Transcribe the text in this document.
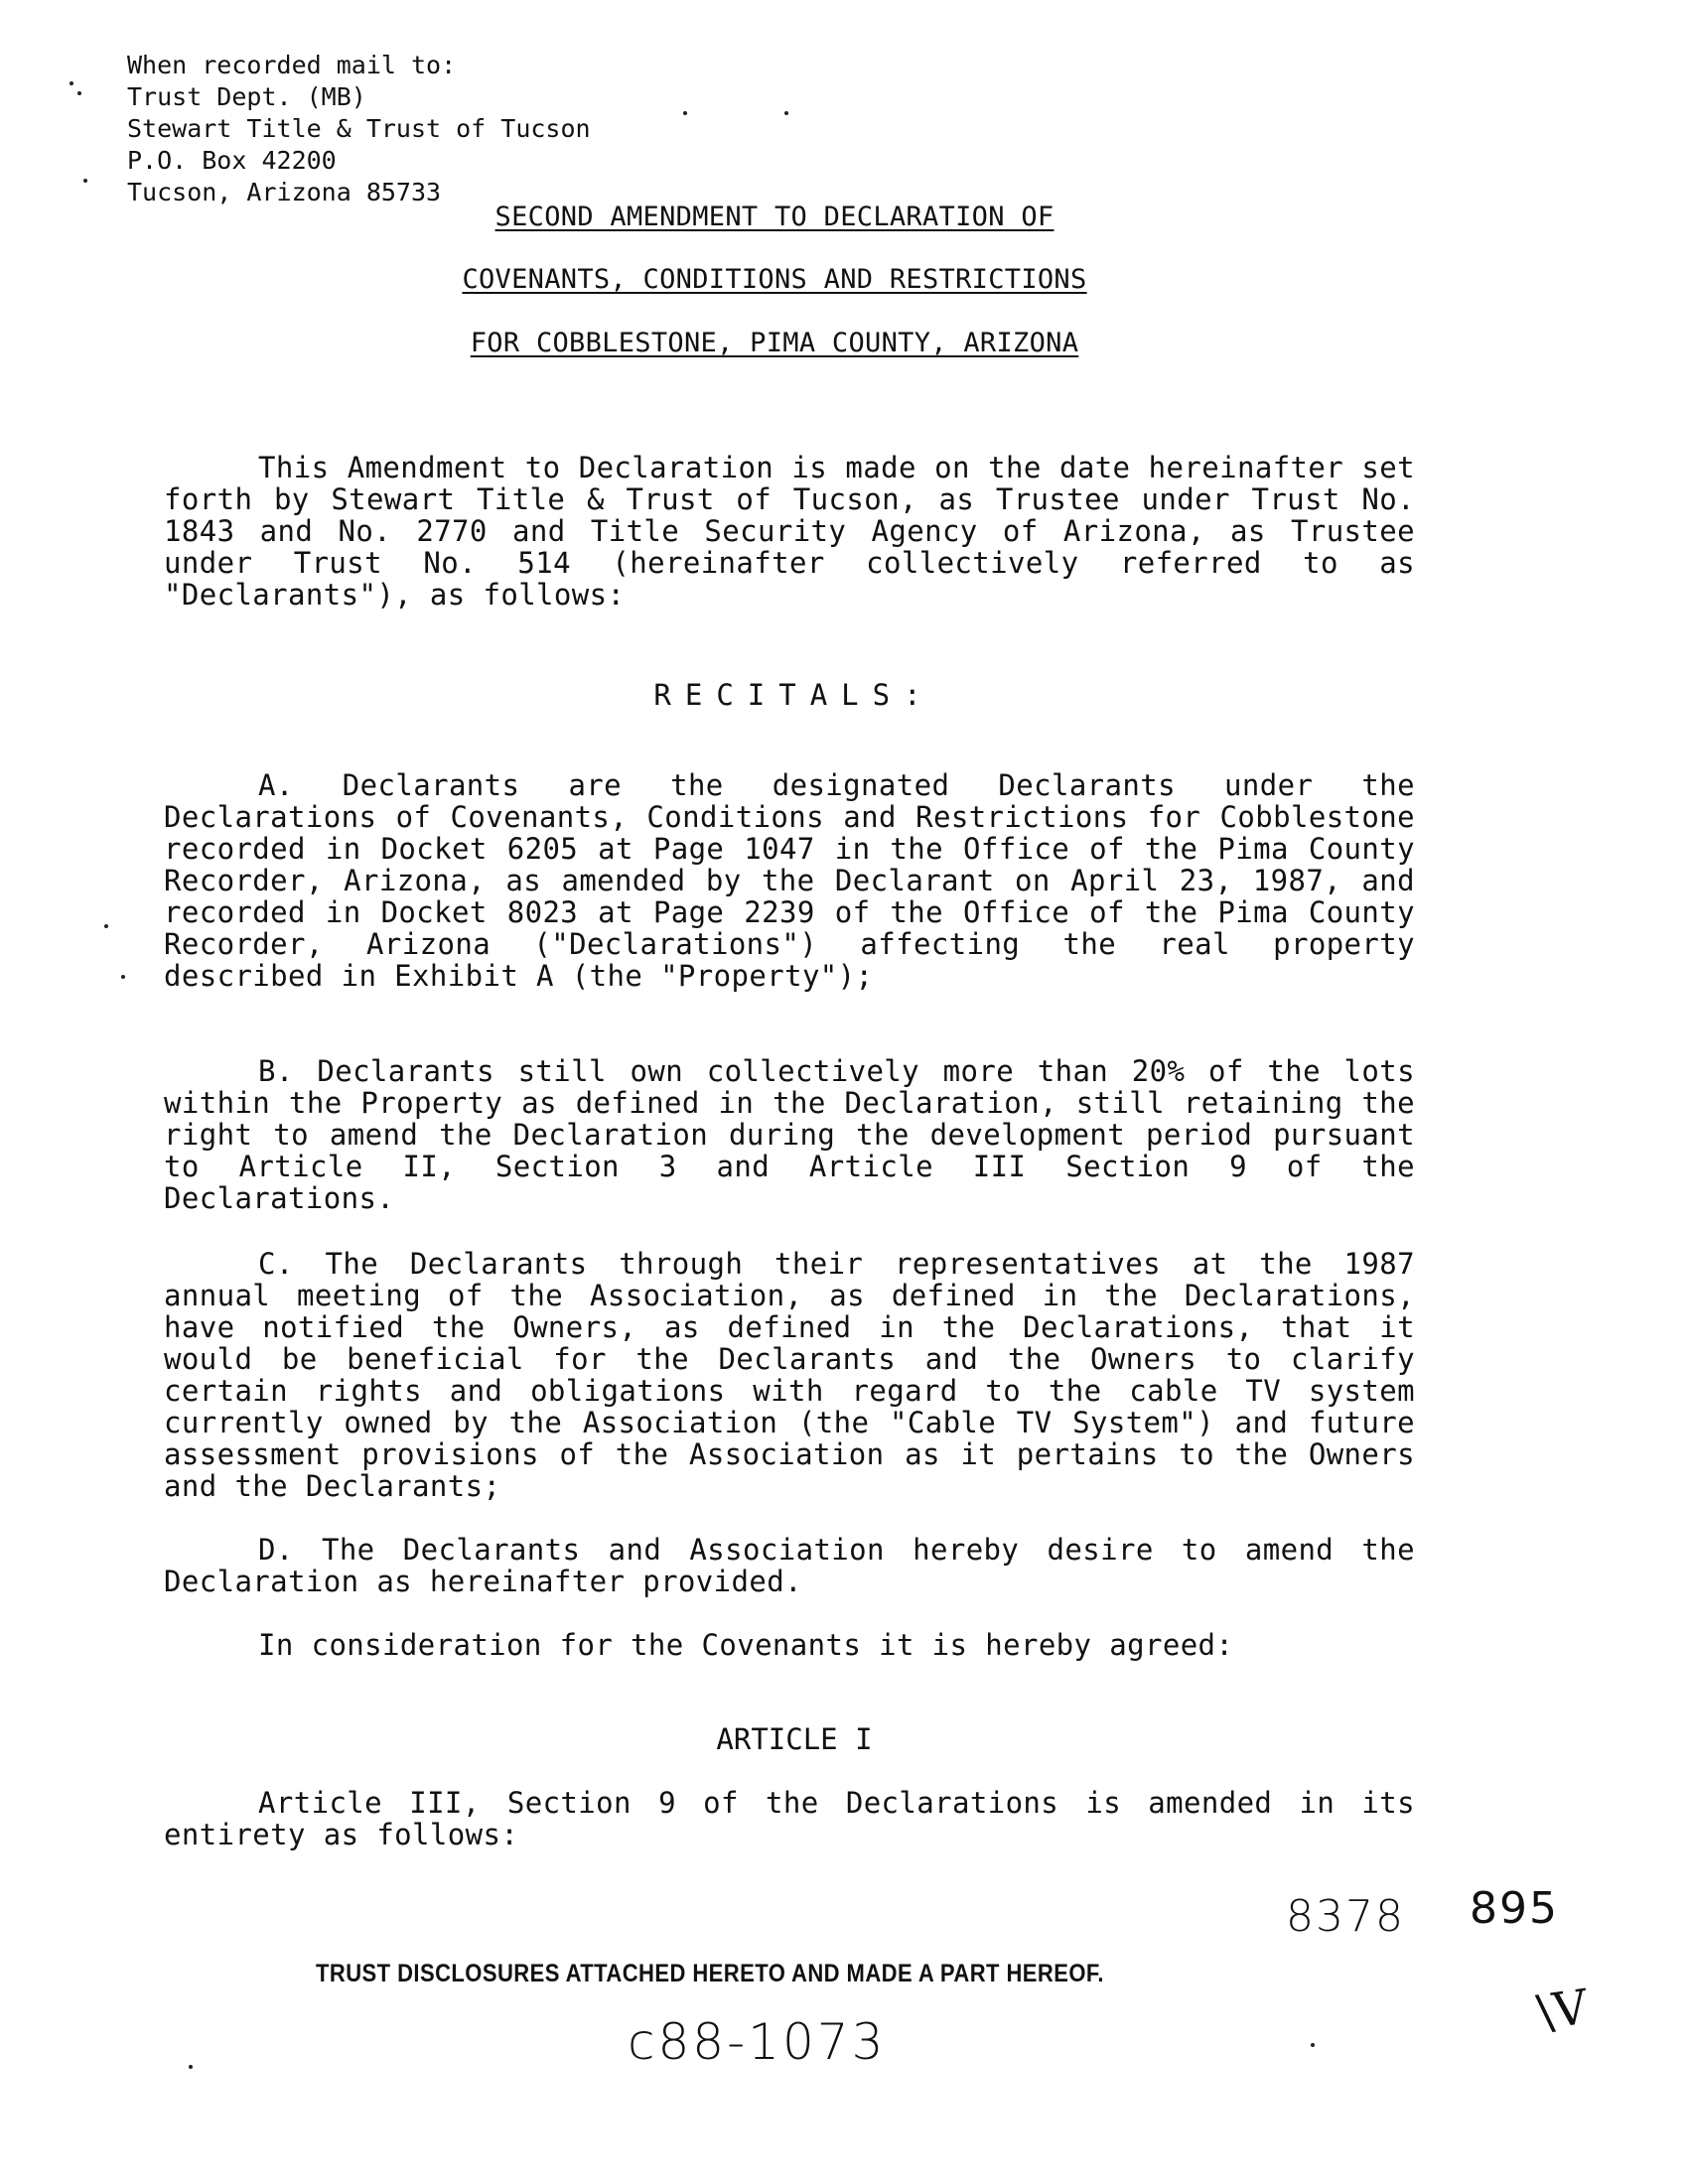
When recorded mail to:
Trust Dept. (MB)
Stewart Title & Trust of Tucson
P.O. Box 42200
Tucson, Arizona 85733
SECOND AMENDMENT TO DECLARATION OF
COVENANTS, CONDITIONS AND RESTRICTIONS
FOR COBBLESTONE, PIMA COUNTY, ARIZONA
This Amendment to Declaration is made on the date hereinafter set forth by Stewart Title & Trust of Tucson, as Trustee under Trust No. 1843 and No. 2770 and Title Security Agency of Arizona, as Trustee under Trust No. 514 (hereinafter collectively referred to as "Declarants"), as follows:
RECITALS:
A. Declarants are the designated Declarants under the Declarations of Covenants, Conditions and Restrictions for Cobblestone recorded in Docket 6205 at Page 1047 in the Office of the Pima County Recorder, Arizona, as amended by the Declarant on April 23, 1987, and recorded in Docket 8023 at Page 2239 of the Office of the Pima County Recorder, Arizona ("Declarations") affecting the real property described in Exhibit A (the "Property");
B. Declarants still own collectively more than 20% of the lots within the Property as defined in the Declaration, still retaining the right to amend the Declaration during the development period pursuant to Article II, Section 3 and Article III Section 9 of the Declarations.
C. The Declarants through their representatives at the 1987 annual meeting of the Association, as defined in the Declarations, have notified the Owners, as defined in the Declarations, that it would be beneficial for the Declarants and the Owners to clarify certain rights and obligations with regard to the cable TV system currently owned by the Association (the "Cable TV System") and future assessment provisions of the Association as it pertains to the Owners and the Declarants;
D. The Declarants and Association hereby desire to amend the Declaration as hereinafter provided.
In consideration for the Covenants it is hereby agreed:
ARTICLE I
Article III, Section 9 of the Declarations is amended in its entirety as follows:
8378 895
TRUST DISCLOSURES ATTACHED HERETO AND MADE A PART HEREOF.
c88-1073
\V
